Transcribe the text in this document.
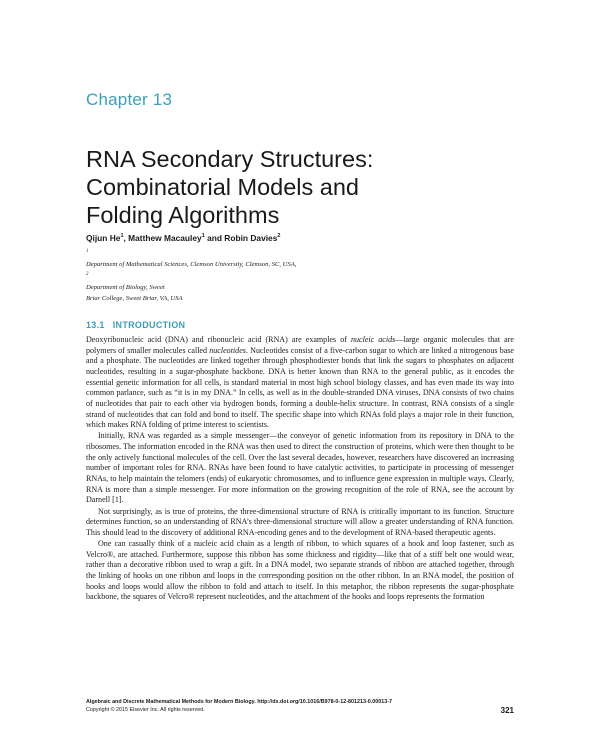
Chapter 13
RNA Secondary Structures:
Combinatorial Models and
Folding Algorithms
Qijun He$^1$, Matthew Macauley$^1$ and Robin Davies$^2$
$^1$
Department of Mathematical Sciences, Clemson University, Clemson, SC, USA,
$^2$
Department of Biology, Sweet
Briar College, Sweet Briar, VA, USA
13.1 INTRODUCTION

Deoxyribonucleic acid (DNA) and ribonucleic acid (RNA) are examples of nucleic acids—large organic molecules that are polymers of smaller molecules called nucleotides. Nucleotides consist of a five-carbon sugar to which are linked a nitrogenous base and a phosphate. The nucleotides are linked together through phosphodiester bonds that link the sugars to phosphates on adjacent nucleotides, resulting in a sugar-phosphate backbone. DNA is better known than RNA to the general public, as it encodes the essential genetic information for all cells, is standard material in most high school biology classes, and has even made its way into common parlance, such as “it is in my DNA.” In cells, as well as in the double-stranded DNA viruses, DNA consists of two chains of nucleotides that pair to each other via hydrogen bonds, forming a double-helix structure. In contrast, RNA consists of a single strand of nucleotides that can fold and bond to itself. The specific shape into which RNAs fold plays a major role in their function, which makes RNA folding of prime interest to scientists.

Initially, RNA was regarded as a simple messenger—the conveyor of genetic information from its repository in DNA to the ribosomes. The information encoded in the RNA was then used to direct the construction of proteins, which were then thought to be the only actively functional molecules of the cell. Over the last several decades, however, researchers have discovered an increasing number of important roles for RNA. RNAs have been found to have catalytic activities, to participate in processing of messenger RNAs, to help maintain the telomers (ends) of eukaryotic chromosomes, and to influence gene expression in multiple ways. Clearly, RNA is more than a simple messenger. For more information on the growing recognition of the role of RNA, see the account by Darnell [1].

Not surprisingly, as is true of proteins, the three-dimensional structure of RNA is critically important to its function. Structure determines function, so an understanding of RNA’s three-dimensional structure will allow a greater understanding of RNA function. This should lead to the discovery of additional RNA-encoding genes and to the development of RNA-based therapeutic agents.

One can casually think of a nucleic acid chain as a length of ribbon, to which squares of a hook and loop fastener, such as Velcro®, are attached. Furthermore, suppose this ribbon has some thickness and rigidity—like that of a stiff belt one would wear, rather than a decorative ribbon used to wrap a gift. In a DNA model, two separate strands of ribbon are attached together, through the linking of hooks on one ribbon and loops in the corresponding position on the other ribbon. In an RNA model, the position of hooks and loops would allow the ribbon to fold and attach to itself. In this metaphor, the ribbon represents the sugar-phosphate backbone, the squares of Velcro® represent nucleotides, and the attachment of the hooks and loops represents the formation

Algebraic and Discrete Mathematical Methods for Modern Biology. http://dx.doi.org/10.1016/B978-0-12-801213-0.00013-7
Copyright © 2015 Elsevier Inc. All rights reserved.	321
